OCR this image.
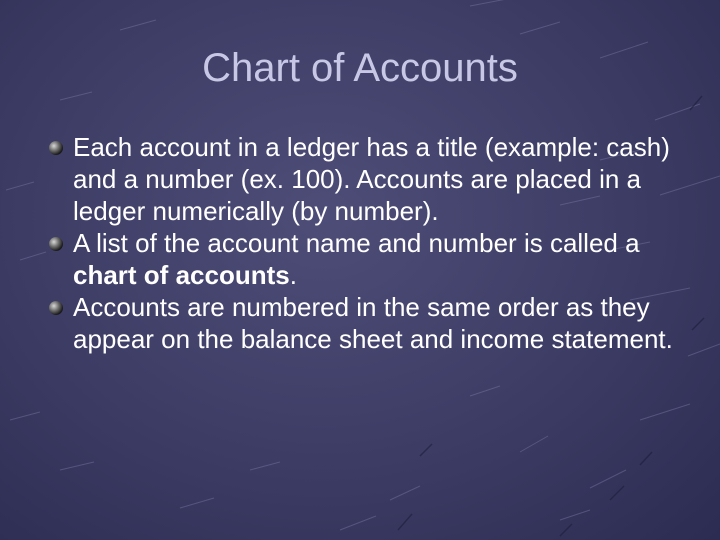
Chart of Accounts
Each account in a ledger has a title (example: cash) and a number (ex. 100). Accounts are placed in a ledger numerically (by number).
A list of the account name and number is called a chart of accounts.
Accounts are numbered in the same order as they appear on the balance sheet and income statement.
